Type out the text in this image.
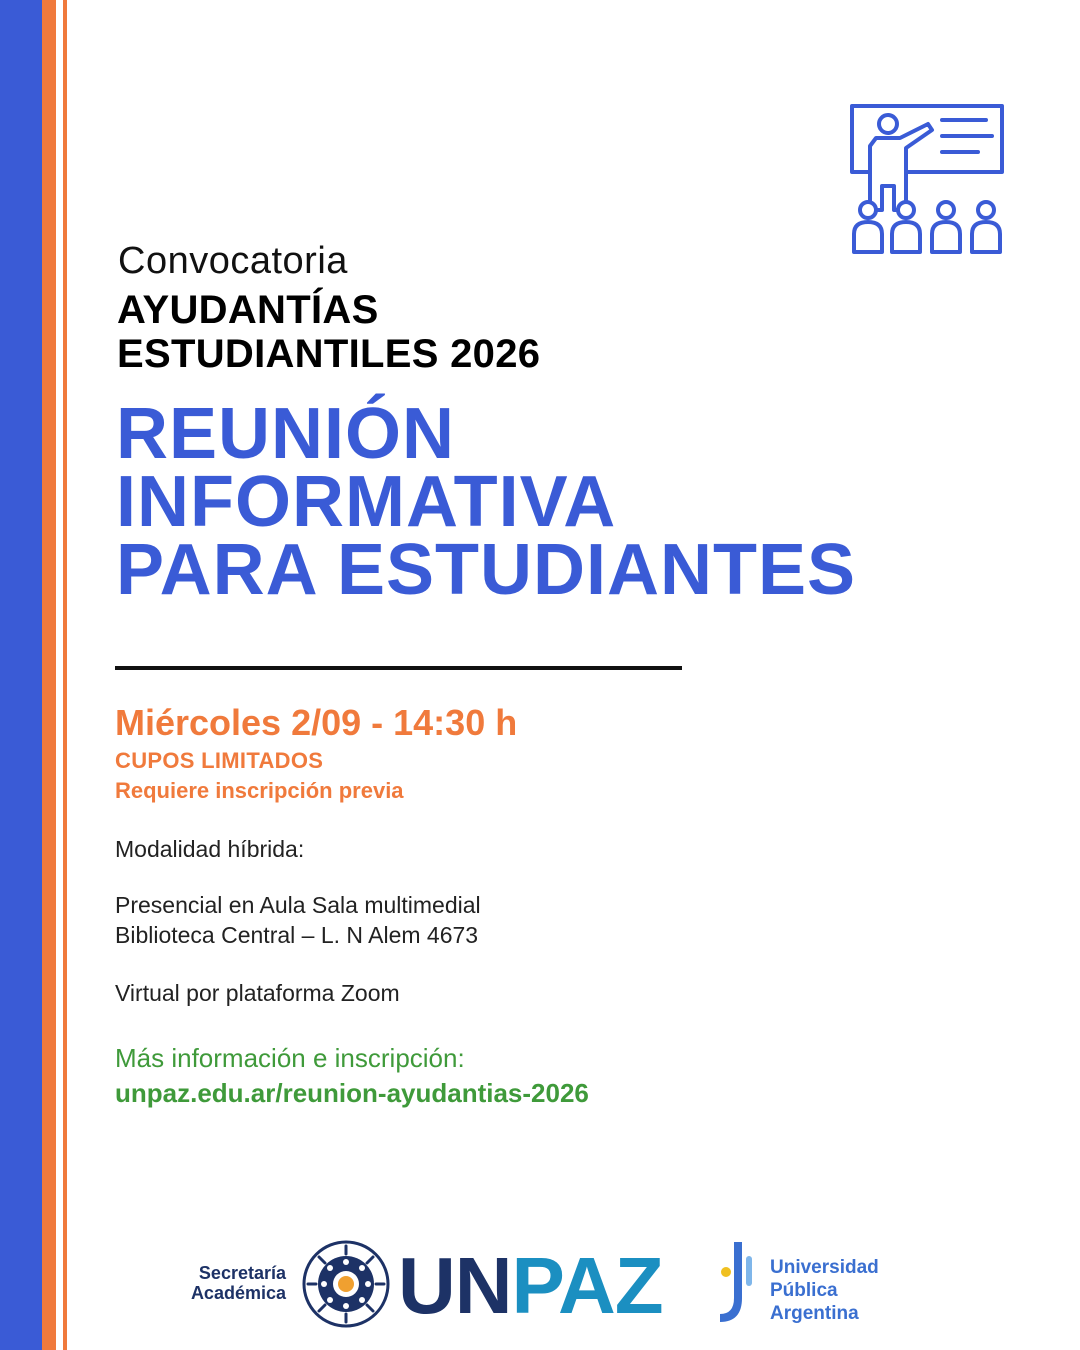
Convocatoria
AYUDANTÍAS
ESTUDIANTILES 2026
REUNIÓN
INFORMATIVA
PARA ESTUDIANTES
Miércoles 2/09 - 14:30 h
CUPOS LIMITADOS
Requiere inscripción previa
Modalidad híbrida:
Presencial en Aula Sala multimedial
Biblioteca Central – L. N Alem 4673
Virtual por plataforma Zoom
Más información e inscripción:
unpaz.edu.ar/reunion-ayudantias-2026
Secretaría
Académica UNPAZ	Universidad
Pública
Argentina
